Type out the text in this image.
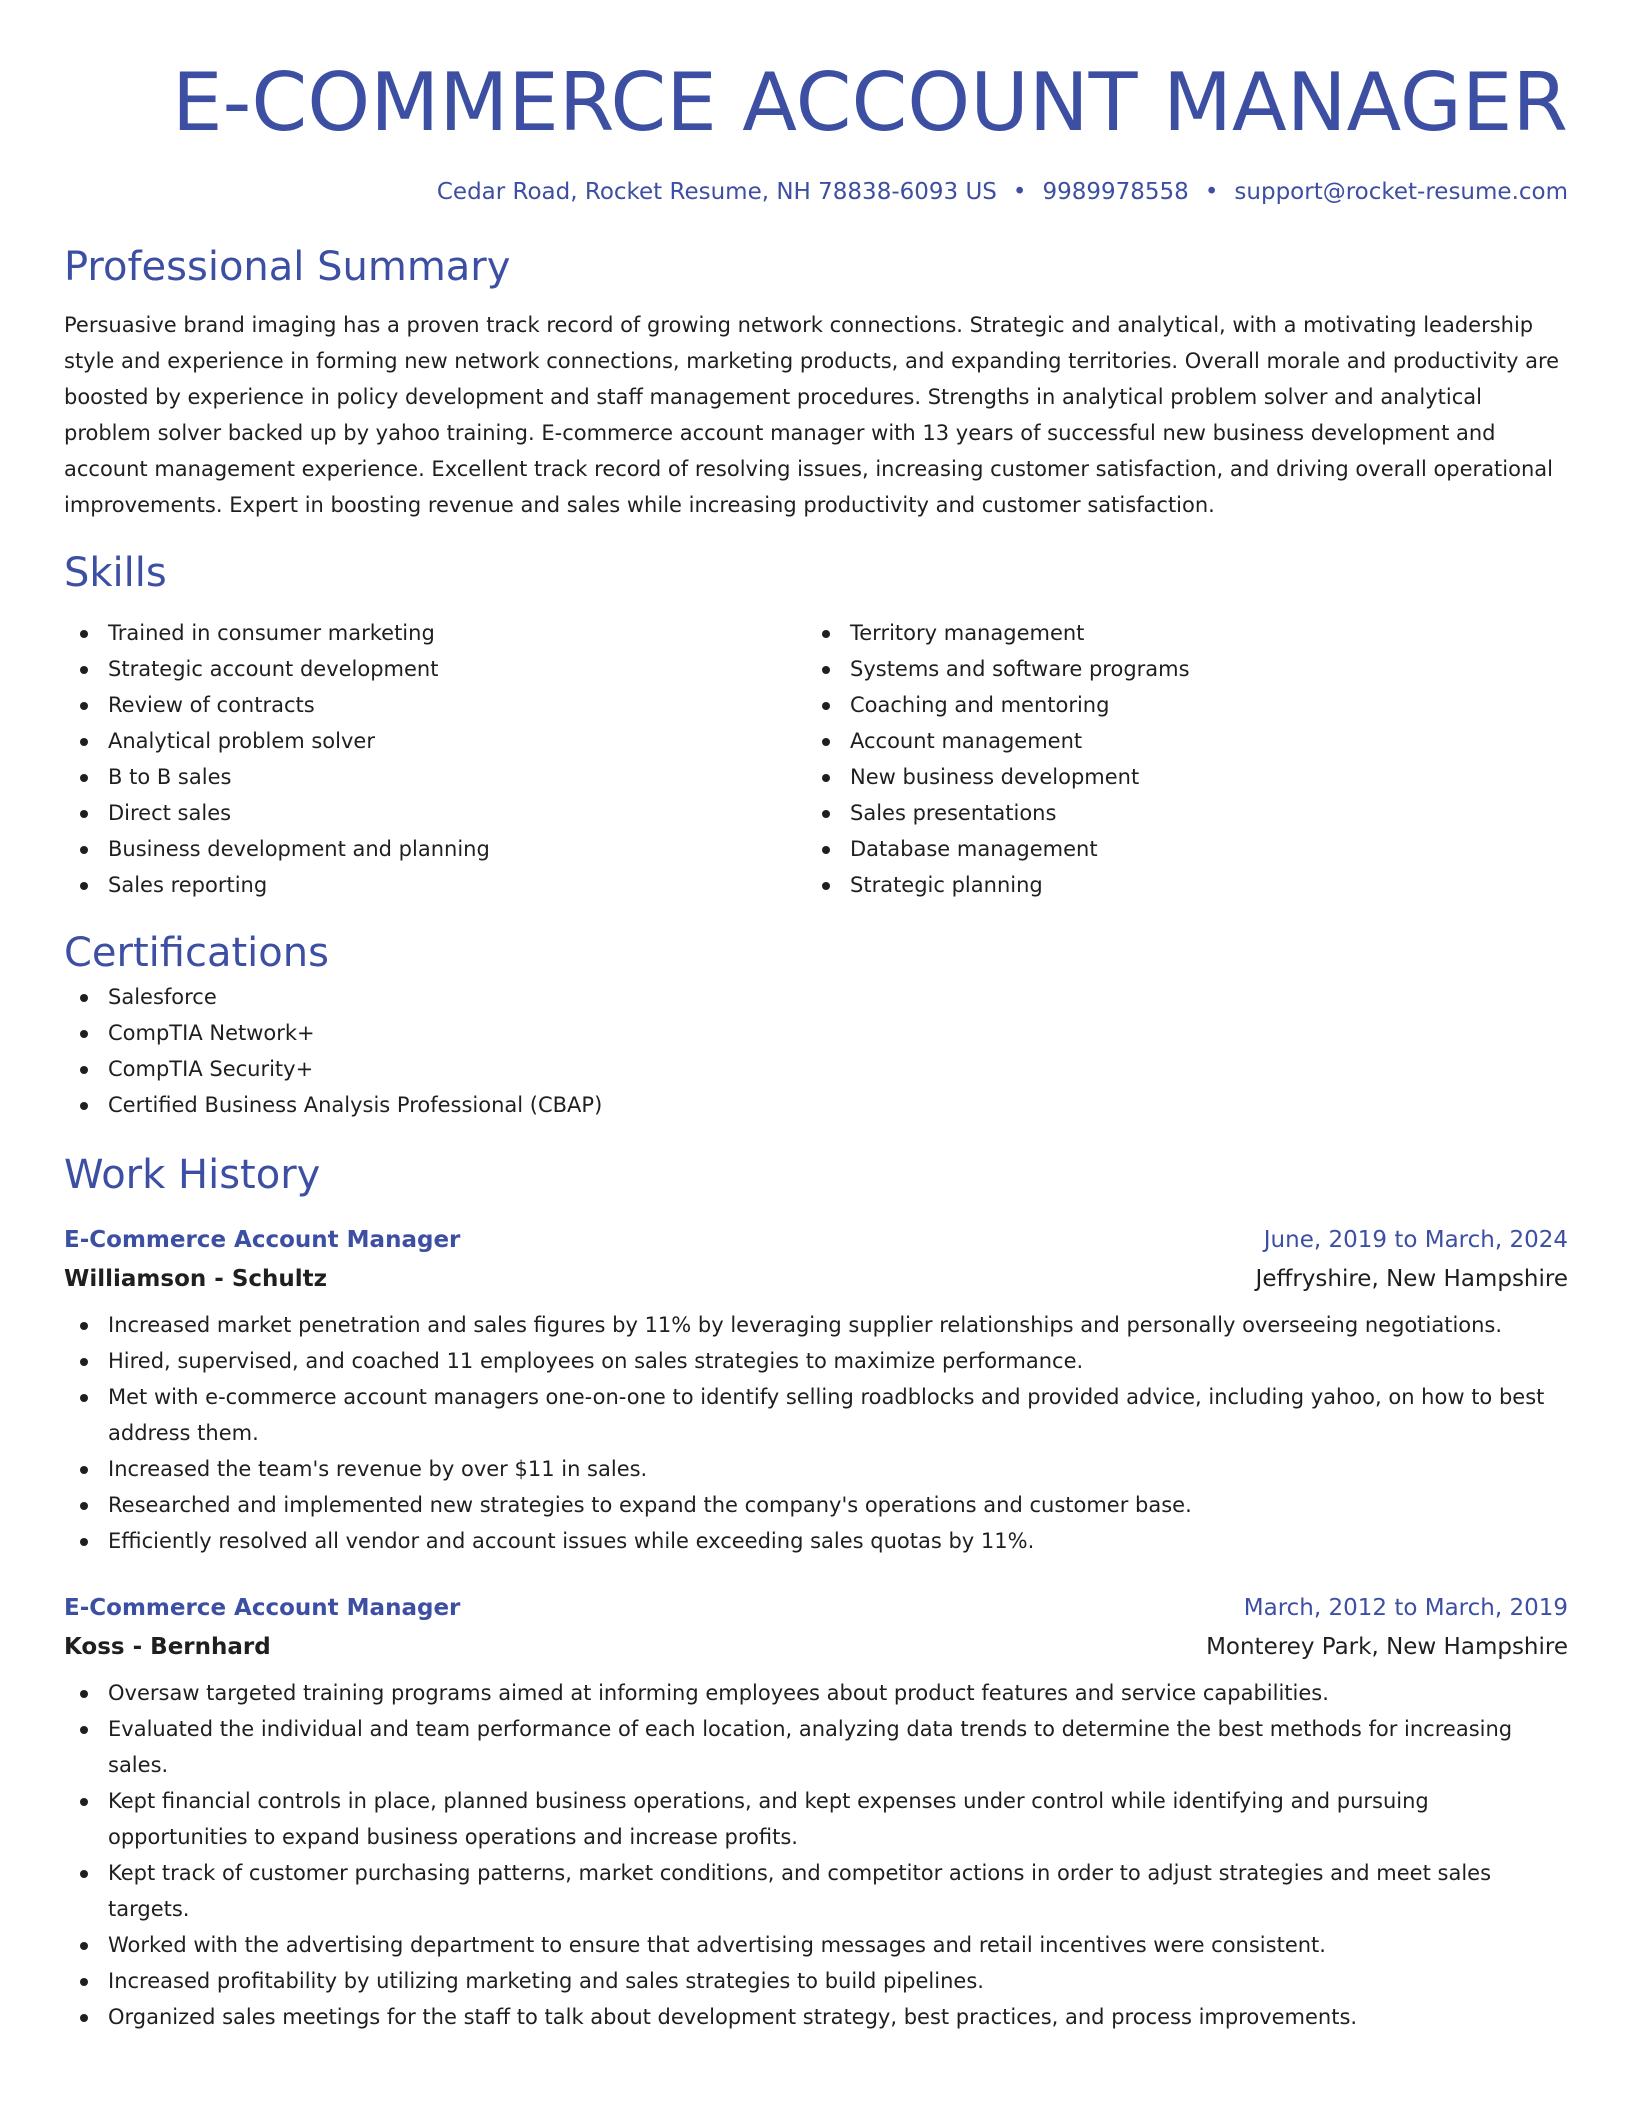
E-COMMERCE ACCOUNT MANAGER
Cedar Road, Rocket Resume, NH 78838-6093 US • 9989978558 • support@rocket-resume.com
Professional Summary

Persuasive brand imaging has a proven track record of growing network connections. Strategic and analytical, with a motivating leadership style and experience in forming new network connections, marketing products, and expanding territories. Overall morale and productivity are boosted by experience in policy development and staff management procedures. Strengths in analytical problem solver and analytical problem solver backed up by yahoo training. E-commerce account manager with 13 years of successful new business development and account management experience. Excellent track record of resolving issues, increasing customer satisfaction, and driving overall operational improvements. Expert in boosting revenue and sales while increasing productivity and customer satisfaction.

Skills
Trained in consumer marketing
Strategic account development
Review of contracts
Analytical problem solver
B to B sales
Direct sales
Business development and planning
Sales reporting
Territory management
Systems and software programs
Coaching and mentoring
Account management
New business development
Sales presentations
Database management
Strategic planning
Certifications
Salesforce
CompTIA Network+
CompTIA Security+
Certified Business Analysis Professional (CBAP)
Work History
E-Commerce Account Manager	June, 2019 to March, 2024
Williamson - Schultz	Jeffryshire, New Hampshire
Increased market penetration and sales figures by 11% by leveraging supplier relationships and personally overseeing negotiations.
Hired, supervised, and coached 11 employees on sales strategies to maximize performance.
Met with e-commerce account managers one-on-one to identify selling roadblocks and provided advice, including yahoo, on how to best address them.
Increased the team's revenue by over $11 in sales.
Researched and implemented new strategies to expand the company's operations and customer base.
Efficiently resolved all vendor and account issues while exceeding sales quotas by 11%.
E-Commerce Account Manager	March, 2012 to March, 2019
Koss - Bernhard	Monterey Park, New Hampshire
Oversaw targeted training programs aimed at informing employees about product features and service capabilities.
Evaluated the individual and team performance of each location, analyzing data trends to determine the best methods for increasing sales.
Kept financial controls in place, planned business operations, and kept expenses under control while identifying and pursuing opportunities to expand business operations and increase profits.
Kept track of customer purchasing patterns, market conditions, and competitor actions in order to adjust strategies and meet sales targets.
Worked with the advertising department to ensure that advertising messages and retail incentives were consistent.
Increased profitability by utilizing marketing and sales strategies to build pipelines.
Organized sales meetings for the staff to talk about development strategy, best practices, and process improvements.
